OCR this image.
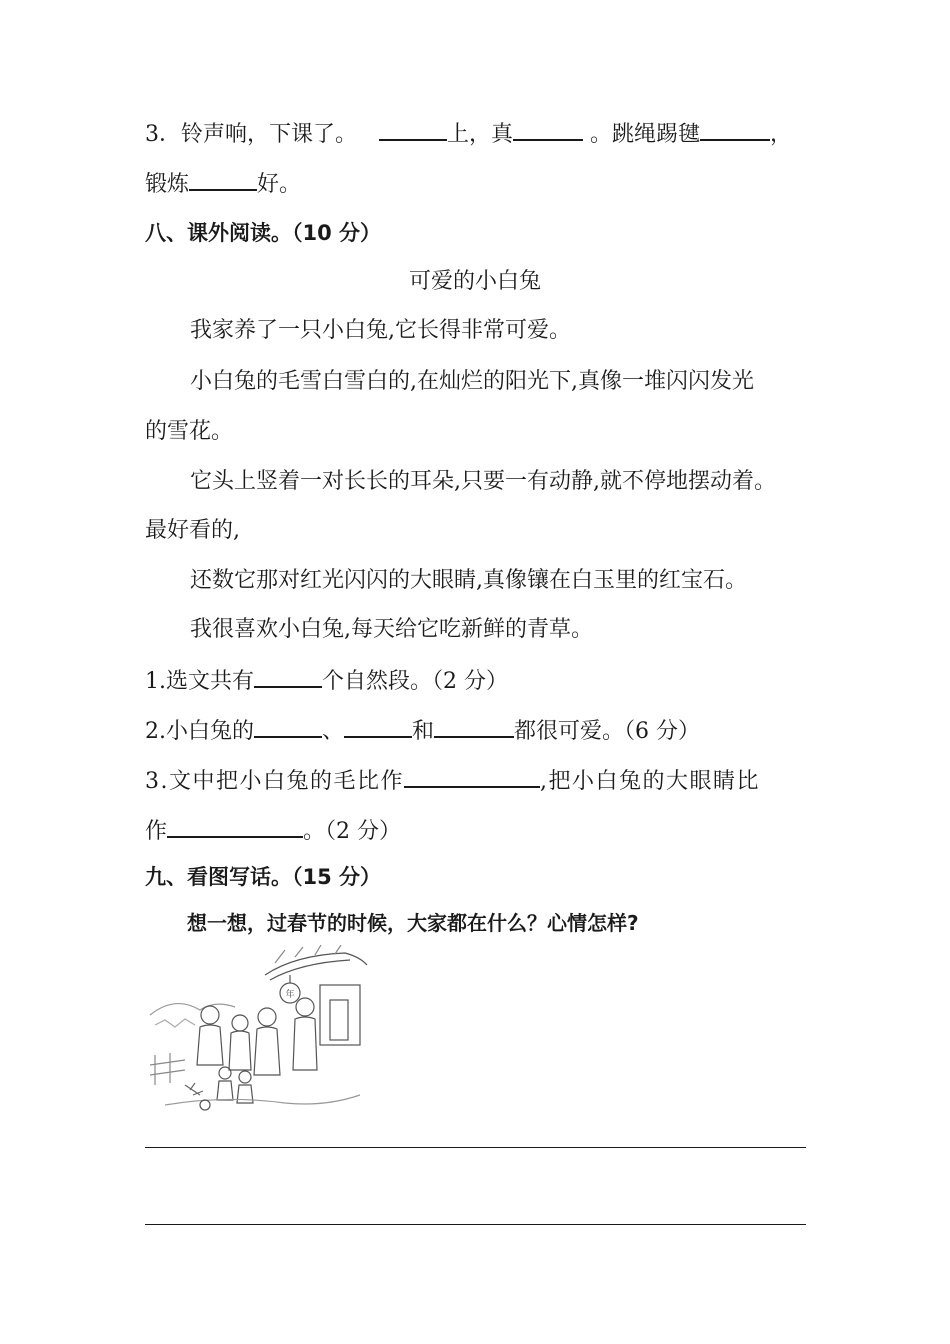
3．铃声响，下课了。	上，真	。跳绳踢毽	，
锻炼	好。
八、课外阅读。（10 分）
可爱的小白兔
我家养了一只小白兔,它长得非常可爱。
小白兔的毛雪白雪白的,在灿烂的阳光下,真像一堆闪闪发光
的雪花。
它头上竖着一对长长的耳朵,只要一有动静,就不停地摆动着。
最好看的,
还数它那对红光闪闪的大眼睛,真像镶在白玉里的红宝石。
我很喜欢小白兔,每天给它吃新鲜的青草。
1.选文共有	个自然段。（2 分）
2.小白兔的	、	和	都很可爱。（6 分）
3.文中把小白兔的毛比作	,把小白兔的大眼睛比
作	。（2 分）
九、看图写话。（15 分）
想一想，过春节的时候，大家都在什么？心情怎样?
年
